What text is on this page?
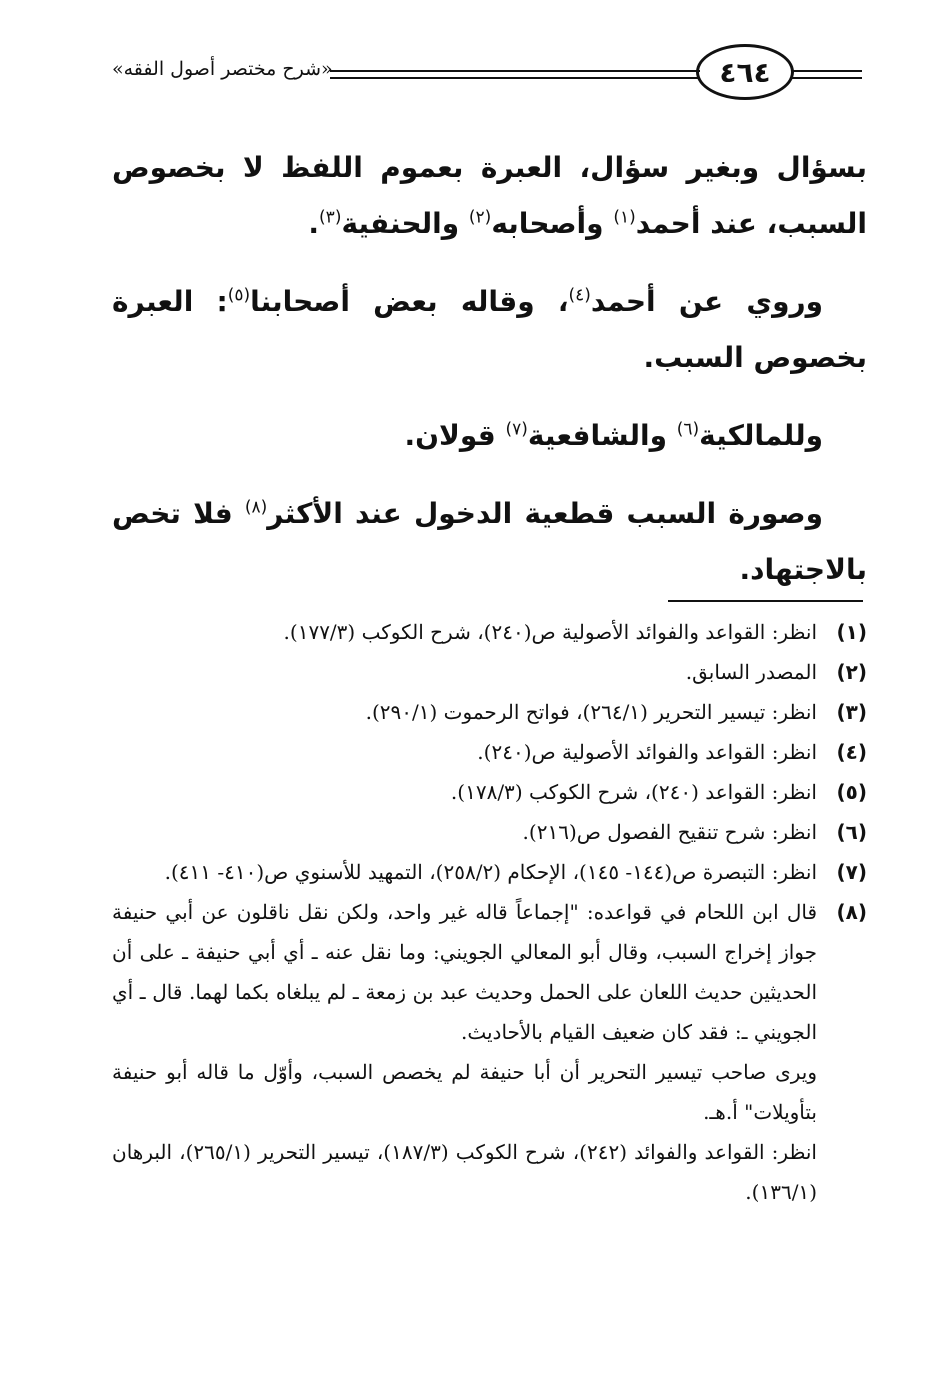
«شرح مختصر أصول الفقه»	٤٦٤

بسؤال وبغير سؤال، العبرة بعموم اللفظ لا بخصوص السبب، عند أحمد$^{(١)}$ وأصحابه$^{(٢)}$ والحنفية$^{(٣)}$.

وروي عن أحمد$^{(٤)}$، وقاله بعض أصحابنا$^{(٥)}$: العبرة بخصوص السبب.

وللمالكية$^{(٦)}$ والشافعية$^{(٧)}$ قولان.

وصورة السبب قطعية الدخول عند الأكثر$^{(٨)}$ فلا تخص بالاجتهاد.

(١)
انظر: القواعد والفوائد الأصولية ص(٢٤٠)، شرح الكوكب (١٧٧/٣).
(٢)
المصدر السابق.
(٣)
انظر: تيسير التحرير (٢٦٤/١)، فواتح الرحموت (٢٩٠/١).
(٤)
انظر: القواعد والفوائد الأصولية ص(٢٤٠).
(٥)
انظر: القواعد (٢٤٠)، شرح الكوكب (١٧٨/٣).
(٦)
انظر: شرح تنقيح الفصول ص(٢١٦).
(٧)
انظر: التبصرة ص(١٤٤- ١٤٥)، الإحكام (٢٥٨/٢)، التمهيد للأسنوي ص(٤١٠- ٤١١).
(٨)
قال ابن اللحام في قواعده: "إجماعاً قاله غير واحد، ولكن نقل ناقلون عن أبي حنيفة جواز إخراج السبب، وقال أبو المعالي الجويني: وما نقل عنه ـ أي أبي حنيفة ـ على أن الحديثين حديث اللعان على الحمل وحديث عبد بن زمعة ـ لم يبلغاه بكما لهما. قال ـ أي الجويني ـ: فقد كان ضعيف القيام بالأحاديث.
ويرى صاحب تيسير التحرير أن أبا حنيفة لم يخصص السبب، وأوّل ما قاله أبو حنيفة بتأويلات" أ.هـ.
انظر: القواعد والفوائد (٢٤٢)، شرح الكوكب (١٨٧/٣)، تيسير التحرير (٢٦٥/١)، البرهان (١٣٦/١).
